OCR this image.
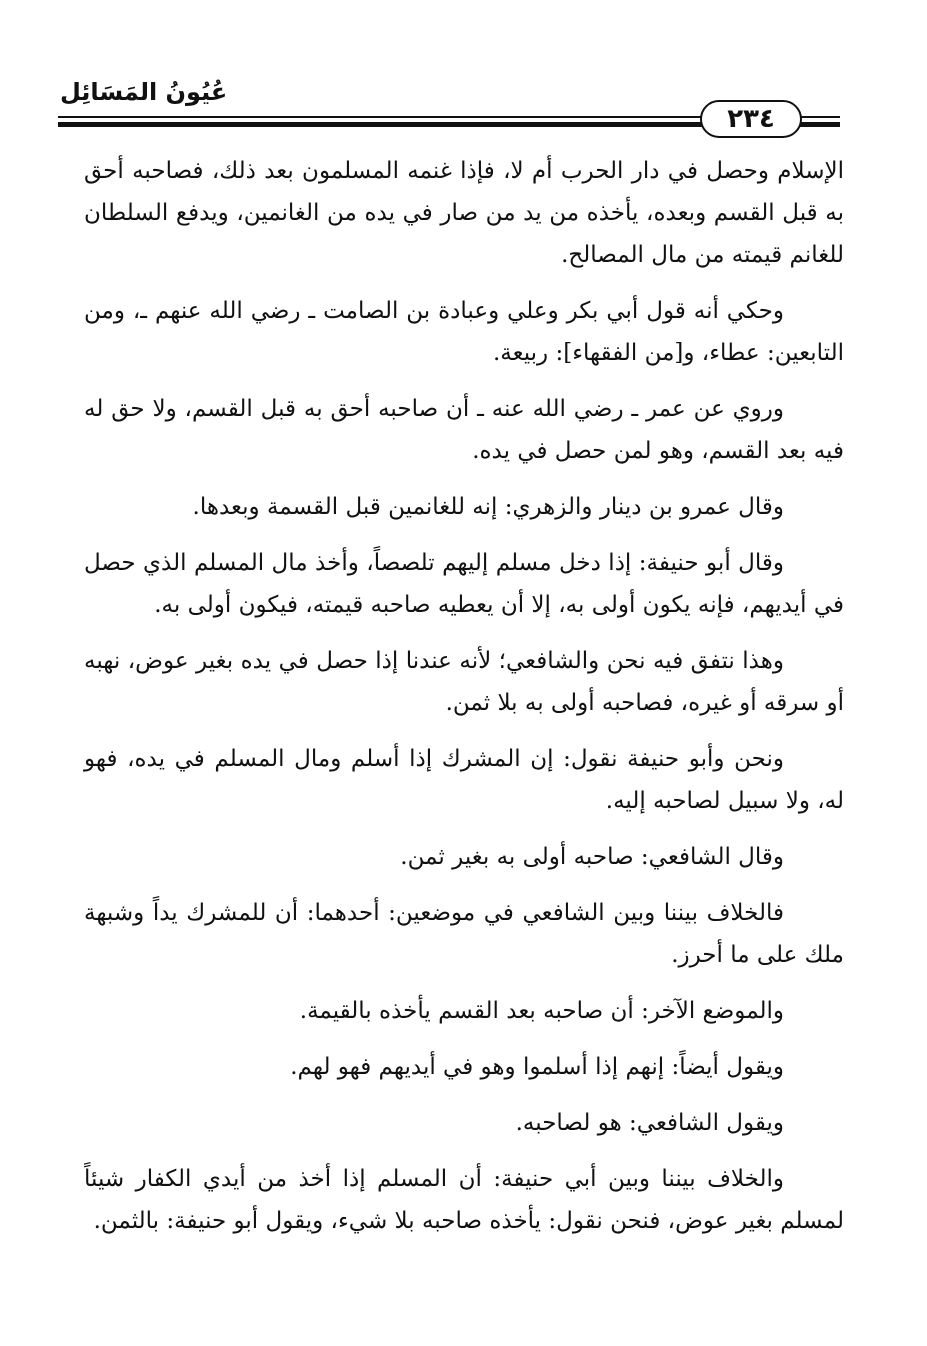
عُيُونُ المَسَائِل
٢٣٤

الإسلام وحصل في دار الحرب أم لا، فإذا غنمه المسلمون بعد ذلك، فصاحبه أحق به قبل القسم وبعده، يأخذه من يد من صار في يده من الغانمين، ويدفع السلطان للغانم قيمته من مال المصالح.

وحكي أنه قول أبي بكر وعلي وعبادة بن الصامت ـ رضي الله عنهم ـ، ومن التابعين: عطاء، و[من الفقهاء]: ربيعة.

وروي عن عمر ـ رضي الله عنه ـ أن صاحبه أحق به قبل القسم، ولا حق له فيه بعد القسم، وهو لمن حصل في يده.

وقال عمرو بن دينار والزهري: إنه للغانمين قبل القسمة وبعدها.

وقال أبو حنيفة: إذا دخل مسلم إليهم تلصصاً، وأخذ مال المسلم الذي حصل في أيديهم، فإنه يكون أولى به، إلا أن يعطيه صاحبه قيمته، فيكون أولى به.

وهذا نتفق فيه نحن والشافعي؛ لأنه عندنا إذا حصل في يده بغير عوض، نهبه أو سرقه أو غيره، فصاحبه أولى به بلا ثمن.

ونحن وأبو حنيفة نقول: إن المشرك إذا أسلم ومال المسلم في يده، فهو له، ولا سبيل لصاحبه إليه.

وقال الشافعي: صاحبه أولى به بغير ثمن.

فالخلاف بيننا وبين الشافعي في موضعين: أحدهما: أن للمشرك يداً وشبهة ملك على ما أحرز.

والموضع الآخر: أن صاحبه بعد القسم يأخذه بالقيمة.

ويقول أيضاً: إنهم إذا أسلموا وهو في أيديهم فهو لهم.

ويقول الشافعي: هو لصاحبه.

والخلاف بيننا وبين أبي حنيفة: أن المسلم إذا أخذ من أيدي الكفار شيئاً لمسلم بغير عوض، فنحن نقول: يأخذه صاحبه بلا شيء، ويقول أبو حنيفة: بالثمن.
